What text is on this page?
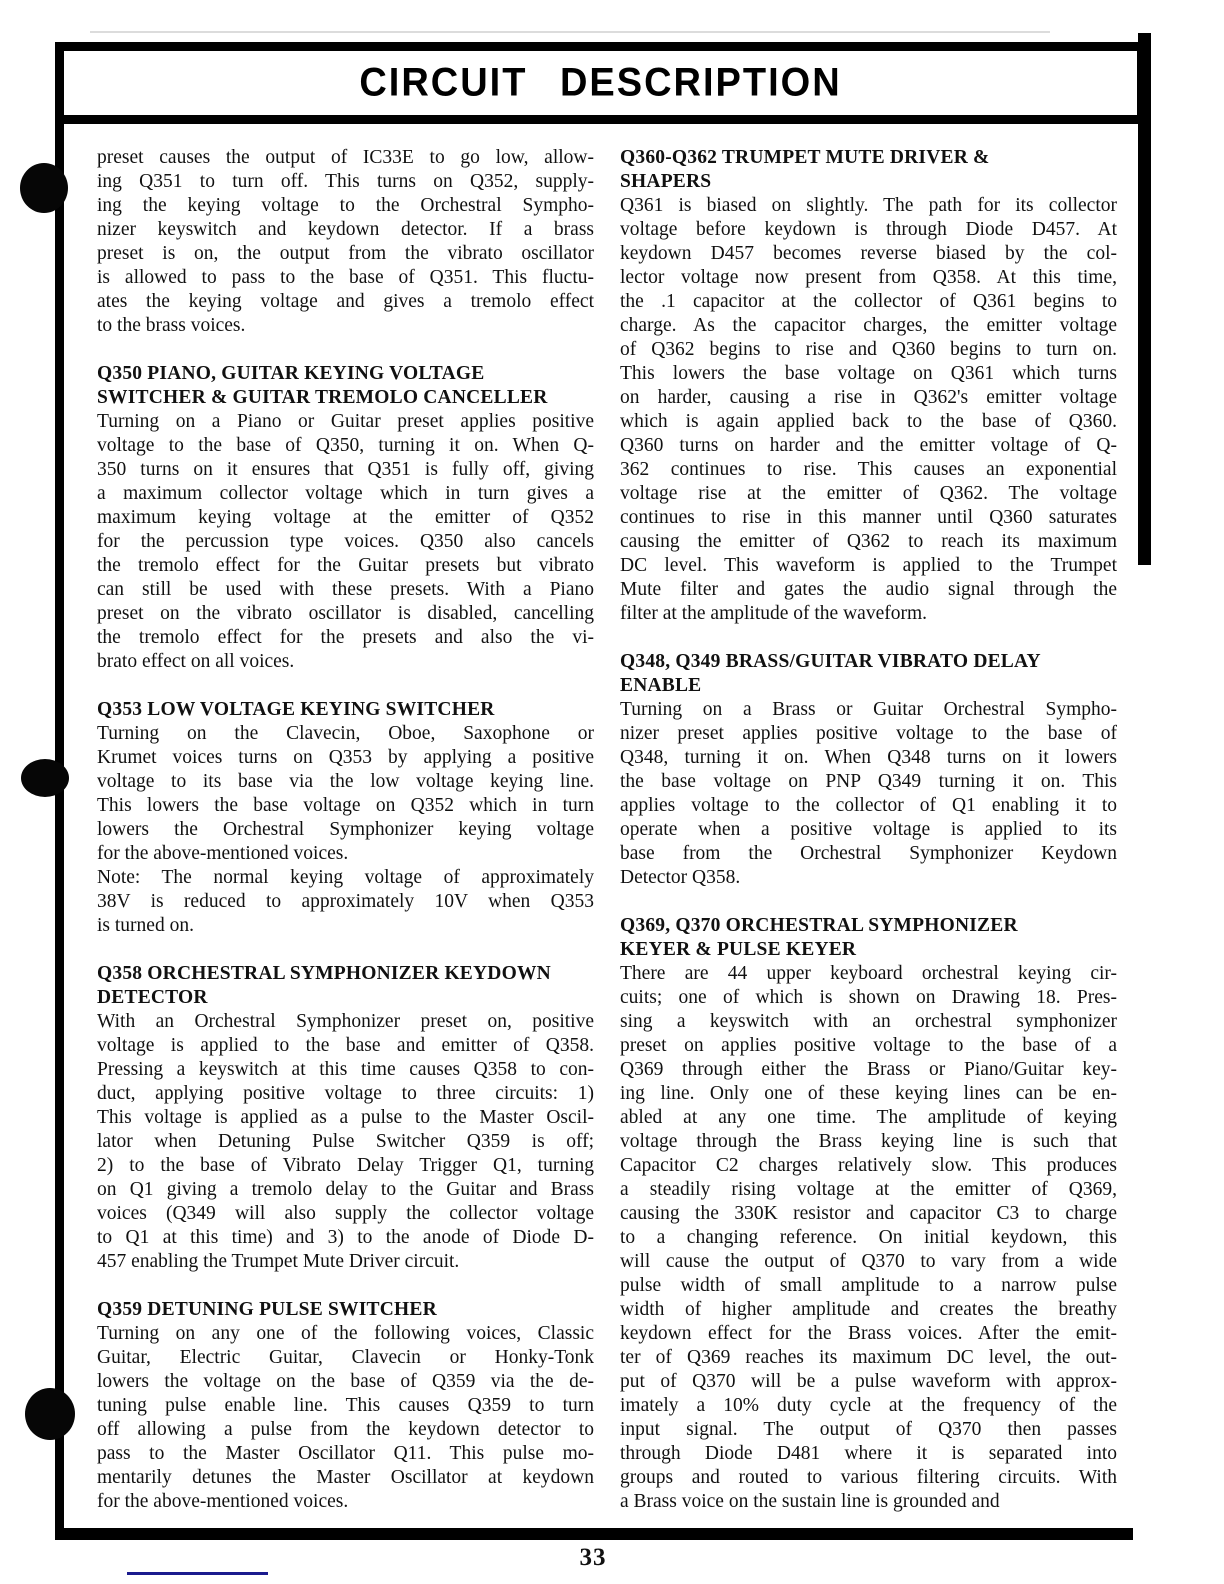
CIRCUIT DESCRIPTION
preset causes the output of IC33E to go low, allow-
ing Q351 to turn off. This turns on Q352, supply-
ing the keying voltage to the Orchestral Sympho-
nizer keyswitch and keydown detector. If a brass
preset is on, the output from the vibrato oscillator
is allowed to pass to the base of Q351. This fluctu-
ates the keying voltage and gives a tremolo effect
to the brass voices.
Q350 PIANO, GUITAR KEYING VOLTAGE
SWITCHER & GUITAR TREMOLO CANCELLER
Turning on a Piano or Guitar preset applies positive
voltage to the base of Q350, turning it on. When Q-
350 turns on it ensures that Q351 is fully off, giving
a maximum collector voltage which in turn gives a
maximum keying voltage at the emitter of Q352
for the percussion type voices. Q350 also cancels
the tremolo effect for the Guitar presets but vibrato
can still be used with these presets. With a Piano
preset on the vibrato oscillator is disabled, cancelling
the tremolo effect for the presets and also the vi-
brato effect on all voices.
Q353 LOW VOLTAGE KEYING SWITCHER
Turning on the Clavecin, Oboe, Saxophone or
Krumet voices turns on Q353 by applying a positive
voltage to its base via the low voltage keying line.
This lowers the base voltage on Q352 which in turn
lowers the Orchestral Symphonizer keying voltage
for the above-mentioned voices.
Note: The normal keying voltage of approximately
38V is reduced to approximately 10V when Q353
is turned on.
Q358 ORCHESTRAL SYMPHONIZER KEYDOWN
DETECTOR
With an Orchestral Symphonizer preset on, positive
voltage is applied to the base and emitter of Q358.
Pressing a keyswitch at this time causes Q358 to con-
duct, applying positive voltage to three circuits: 1)
This voltage is applied as a pulse to the Master Oscil-
lator when Detuning Pulse Switcher Q359 is off;
2) to the base of Vibrato Delay Trigger Q1, turning
on Q1 giving a tremolo delay to the Guitar and Brass
voices (Q349 will also supply the collector voltage
to Q1 at this time) and 3) to the anode of Diode D-
457 enabling the Trumpet Mute Driver circuit.
Q359 DETUNING PULSE SWITCHER
Turning on any one of the following voices, Classic
Guitar, Electric Guitar, Clavecin or Honky-Tonk
lowers the voltage on the base of Q359 via the de-
tuning pulse enable line. This causes Q359 to turn
off allowing a pulse from the keydown detector to
pass to the Master Oscillator Q11. This pulse mo-
mentarily detunes the Master Oscillator at keydown
for the above-mentioned voices.
Q360-Q362 TRUMPET MUTE DRIVER &
SHAPERS
Q361 is biased on slightly. The path for its collector
voltage before keydown is through Diode D457. At
keydown D457 becomes reverse biased by the col-
lector voltage now present from Q358. At this time,
the .1 capacitor at the collector of Q361 begins to
charge. As the capacitor charges, the emitter voltage
of Q362 begins to rise and Q360 begins to turn on.
This lowers the base voltage on Q361 which turns
on harder, causing a rise in Q362's emitter voltage
which is again applied back to the base of Q360.
Q360 turns on harder and the emitter voltage of Q-
362 continues to rise. This causes an exponential
voltage rise at the emitter of Q362. The voltage
continues to rise in this manner until Q360 saturates
causing the emitter of Q362 to reach its maximum
DC level. This waveform is applied to the Trumpet
Mute filter and gates the audio signal through the
filter at the amplitude of the waveform.
Q348, Q349 BRASS/GUITAR VIBRATO DELAY
ENABLE
Turning on a Brass or Guitar Orchestral Sympho-
nizer preset applies positive voltage to the base of
Q348, turning it on. When Q348 turns on it lowers
the base voltage on PNP Q349 turning it on. This
applies voltage to the collector of Q1 enabling it to
operate when a positive voltage is applied to its
base from the Orchestral Symphonizer Keydown
Detector Q358.
Q369, Q370 ORCHESTRAL SYMPHONIZER
KEYER & PULSE KEYER
There are 44 upper keyboard orchestral keying cir-
cuits; one of which is shown on Drawing 18. Pres-
sing a keyswitch with an orchestral symphonizer
preset on applies positive voltage to the base of a
Q369 through either the Brass or Piano/Guitar key-
ing line. Only one of these keying lines can be en-
abled at any one time. The amplitude of keying
voltage through the Brass keying line is such that
Capacitor C2 charges relatively slow. This produces
a steadily rising voltage at the emitter of Q369,
causing the 330K resistor and capacitor C3 to charge
to a changing reference. On initial keydown, this
will cause the output of Q370 to vary from a wide
pulse width of small amplitude to a narrow pulse
width of higher amplitude and creates the breathy
keydown effect for the Brass voices. After the emit-
ter of Q369 reaches its maximum DC level, the out-
put of Q370 will be a pulse waveform with approx-
imately a 10% duty cycle at the frequency of the
input signal. The output of Q370 then passes
through Diode D481 where it is separated into
groups and routed to various filtering circuits. With
a Brass voice on the sustain line is grounded and
33
